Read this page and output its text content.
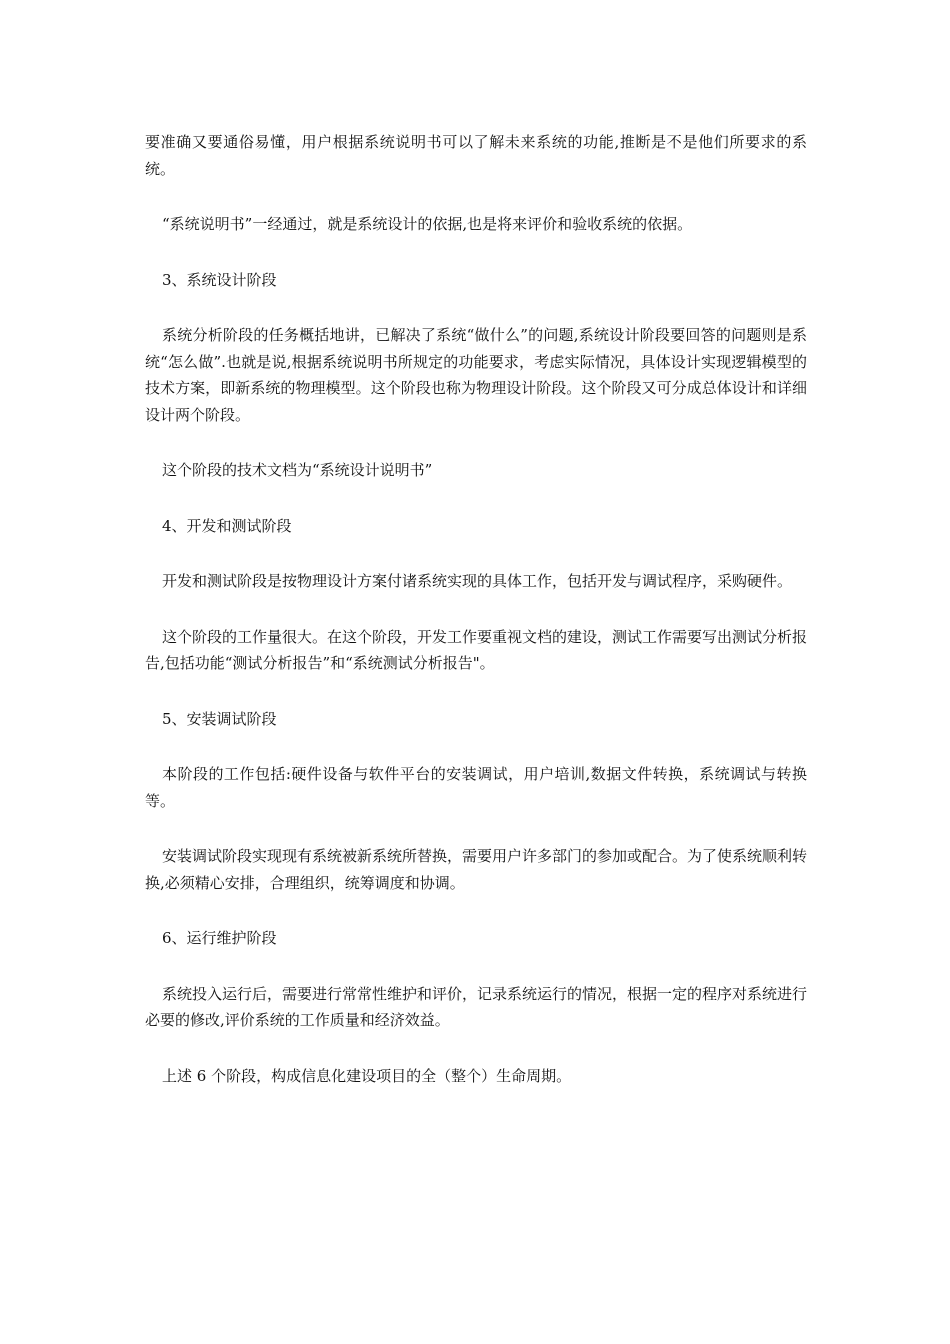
要准确又要通俗易懂，用户根据系统说明书可以了解未来系统的功能,推断是不是他们所要求的系统。

“系统说明书”一经通过，就是系统设计的依据,也是将来评价和验收系统的依据。

3、系统设计阶段

系统分析阶段的任务概括地讲，已解决了系统“做什么”的问题,系统设计阶段要回答的问题则是系统“怎么做”.也就是说,根据系统说明书所规定的功能要求，考虑实际情况，具体设计实现逻辑模型的技术方案，即新系统的物理模型。这个阶段也称为物理设计阶段。这个阶段又可分成总体设计和详细设计两个阶段。

这个阶段的技术文档为“系统设计说明书”

4、开发和测试阶段

开发和测试阶段是按物理设计方案付诸系统实现的具体工作，包括开发与调试程序，采购硬件。

这个阶段的工作量很大。在这个阶段，开发工作要重视文档的建设，测试工作需要写出测试分析报告,包括功能“测试分析报告”和“系统测试分析报告"。

5、安装调试阶段

本阶段的工作包括:硬件设备与软件平台的安装调试，用户培训,数据文件转换，系统调试与转换等。

安装调试阶段实现现有系统被新系统所替换，需要用户许多部门的参加或配合。为了使系统顺利转换,必须精心安排，合理组织，统筹调度和协调。

6、运行维护阶段

系统投入运行后，需要进行常常性维护和评价，记录系统运行的情况，根据一定的程序对系统进行必要的修改,评价系统的工作质量和经济效益。

上述 6 个阶段，构成信息化建设项目的全（整个）生命周期。
